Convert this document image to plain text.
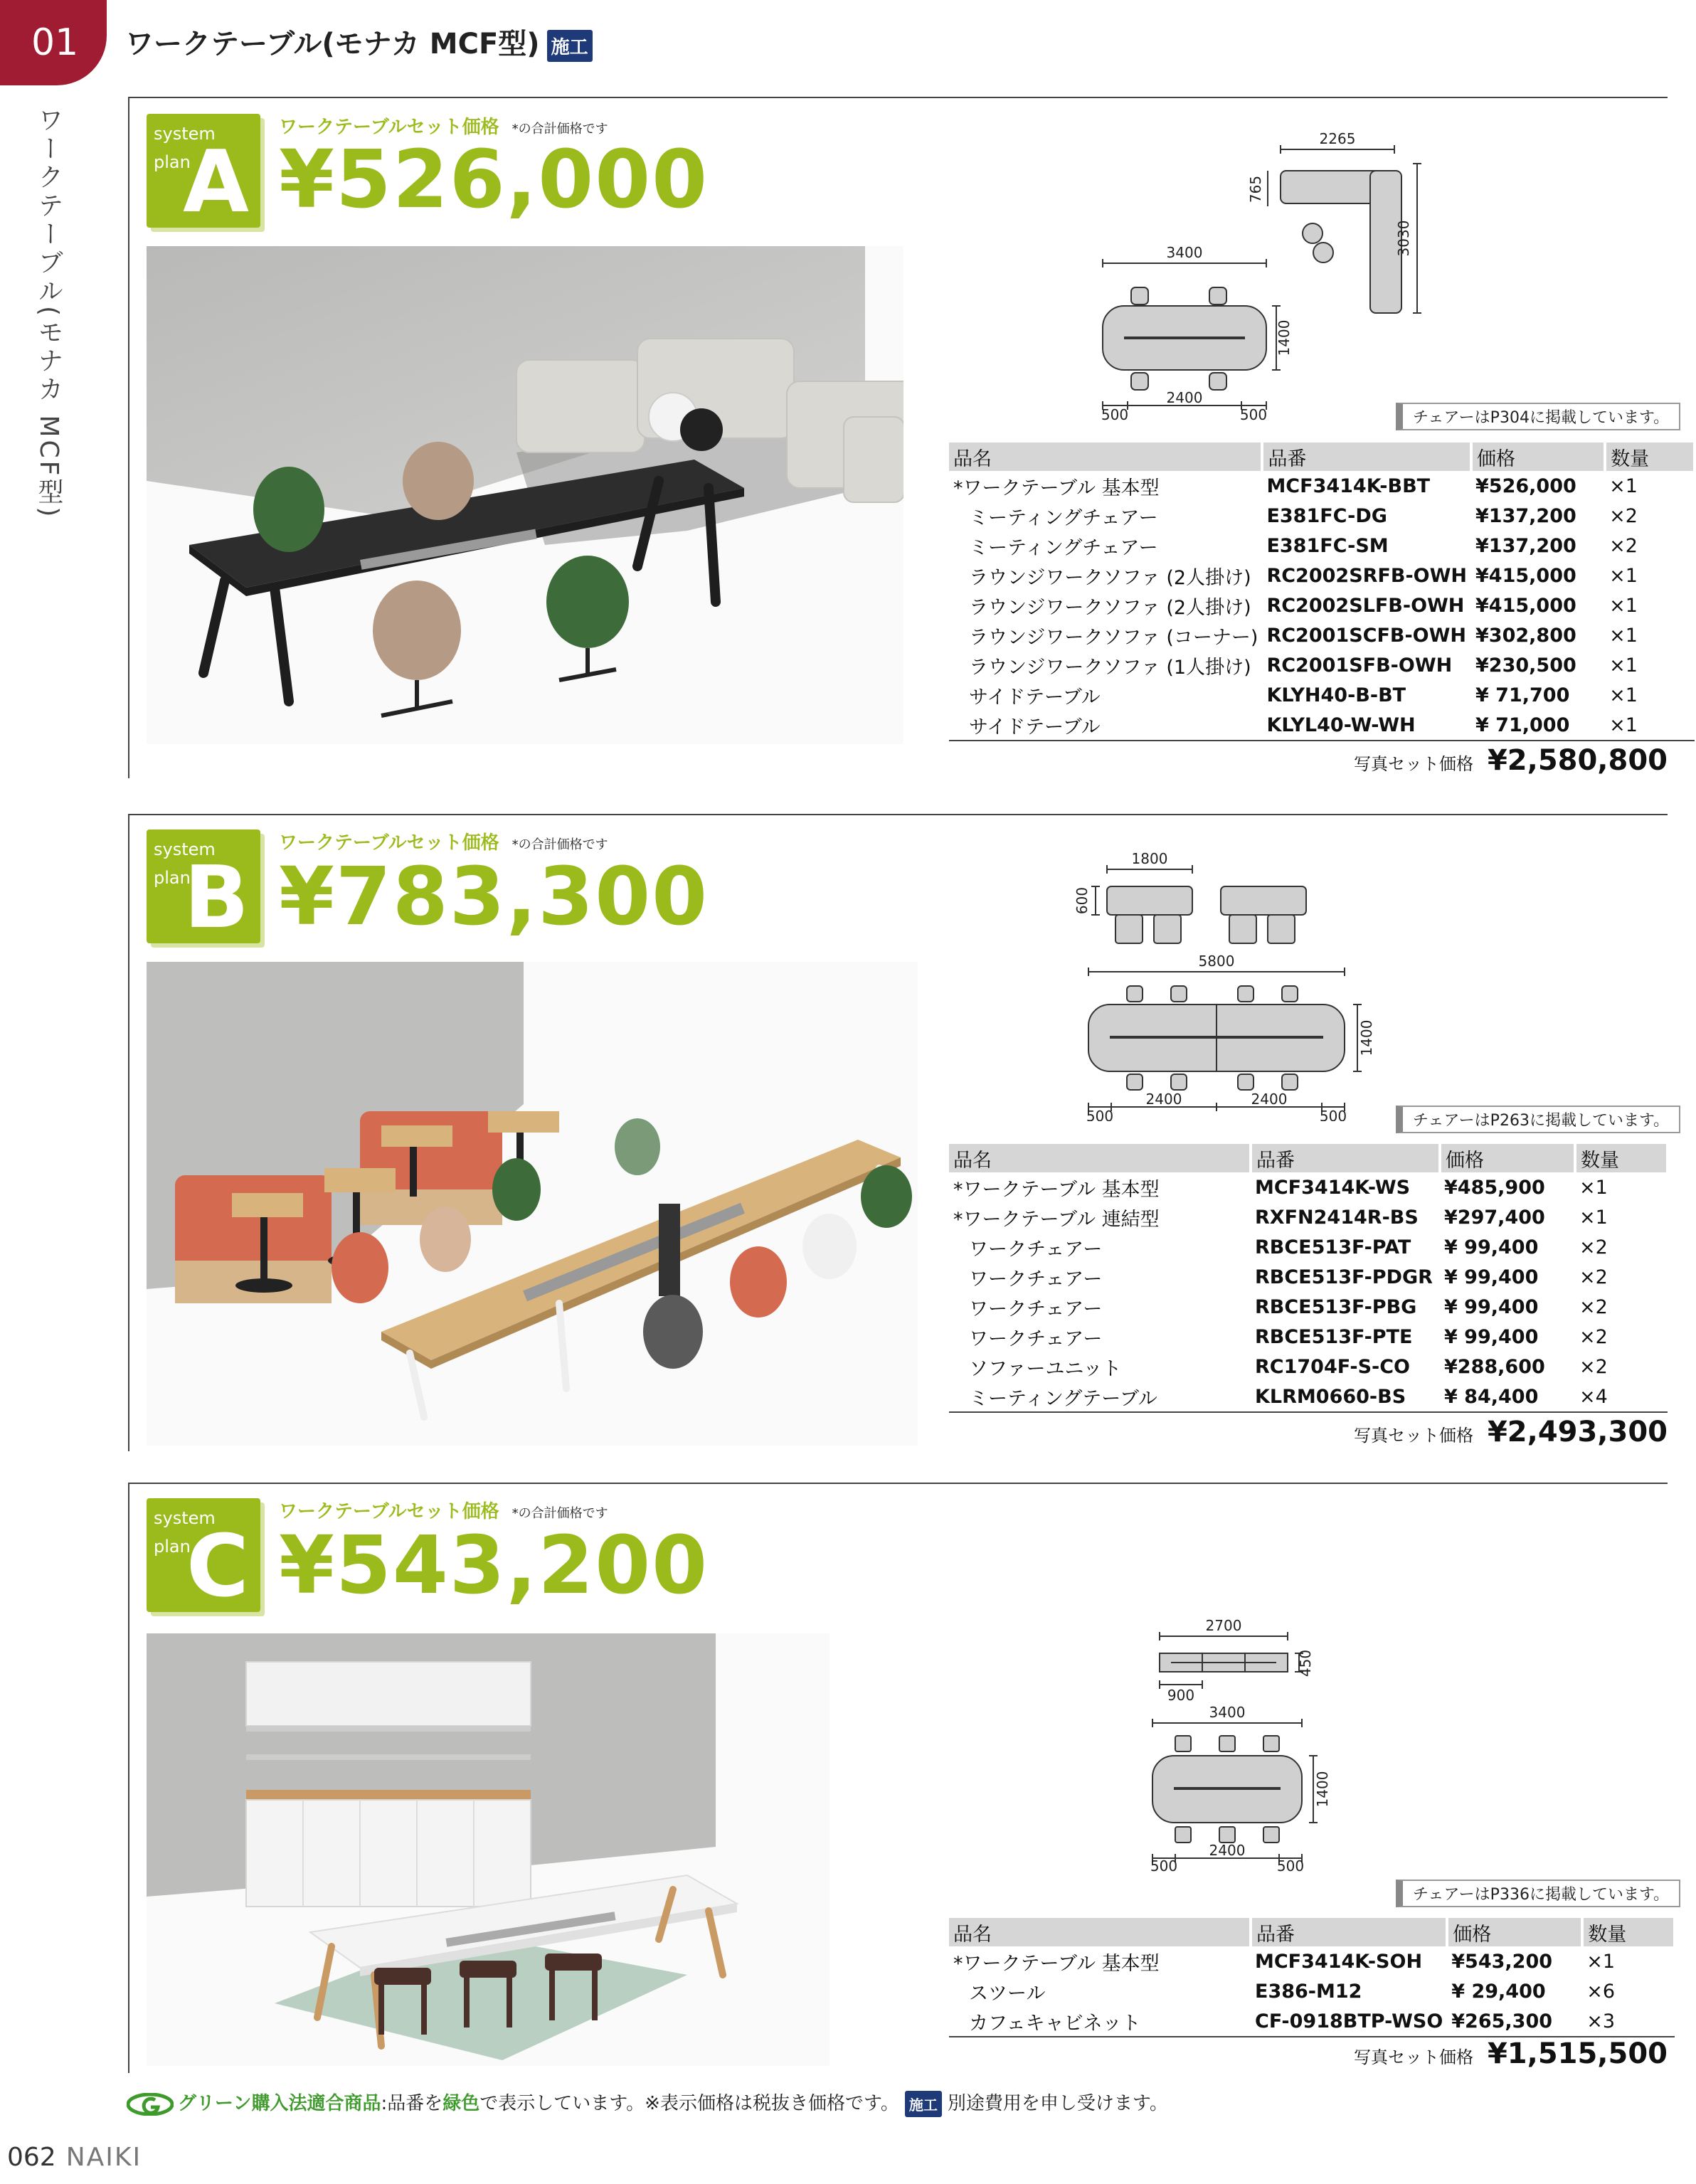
01	ワークテーブル(モナカ MCF型) 施工
ワークテーブル(モナカ MCF型)	system
plan
A
ワークテーブルセット価格 *の合計価格です
¥526,000	2265
765
3030
3400
1400
500
2400
500	チェアーはP304に掲載しています。
品名	品番	価格	数量
*ワークテーブル 基本型	MCF3414K-BBT	¥526,000	×1
ミーティングチェアー	E381FC-DG	¥137,200	×2
ミーティングチェアー	E381FC-SM	¥137,200	×2
ラウンジワークソファ (2人掛け)	RC2002SRFB-OWH	¥415,000	×1
ラウンジワークソファ (2人掛け)	RC2002SLFB-OWH	¥415,000	×1
ラウンジワークソファ (コーナー)	RC2001SCFB-OWH	¥302,800	×1
ラウンジワークソファ (1人掛け)	RC2001SFB-OWH	¥230,500	×1
サイドテーブル	KLYH40-B-BT	¥ 71,700	×1
サイドテーブル	KLYL40-W-WH	¥ 71,000	×1
写真セット価格 ¥2,580,800
system
plan
B
ワークテーブルセット価格 *の合計価格です
¥783,300	1800
600
5800
1400
500
2400	2400
500	チェアーはP263に掲載しています。
品名	品番	価格	数量
*ワークテーブル 基本型	MCF3414K-WS	¥485,900	×1
*ワークテーブル 連結型	RXFN2414R-BS	¥297,400	×1
ワークチェアー	RBCE513F-PAT	¥ 99,400	×2
ワークチェアー	RBCE513F-PDGR	¥ 99,400	×2
ワークチェアー	RBCE513F-PBG	¥ 99,400	×2
ワークチェアー	RBCE513F-PTE	¥ 99,400	×2
ソファーユニット	RC1704F-S-CO	¥288,600	×2
ミーティングテーブル	KLRM0660-BS	¥ 84,400	×4
写真セット価格 ¥2,493,300
system
plan
C
ワークテーブルセット価格 *の合計価格です
¥543,200
2700
450
900
3400
1400
500
2400
500
チェアーはP336に掲載しています。
品名	品番	価格	数量
*ワークテーブル 基本型	MCF3414K-SOH	¥543,200	×1
スツール	E386-M12	¥ 29,400	×6
カフェキャビネット	CF-0918BTP-WSO	¥265,300	×3
写真セット価格 ¥1,515,500
グリーン購入法適合商品:品番を緑色で表示しています。※表示価格は税抜き価格です。 施工 別途費用を申し受けます。
062 NAIKI
